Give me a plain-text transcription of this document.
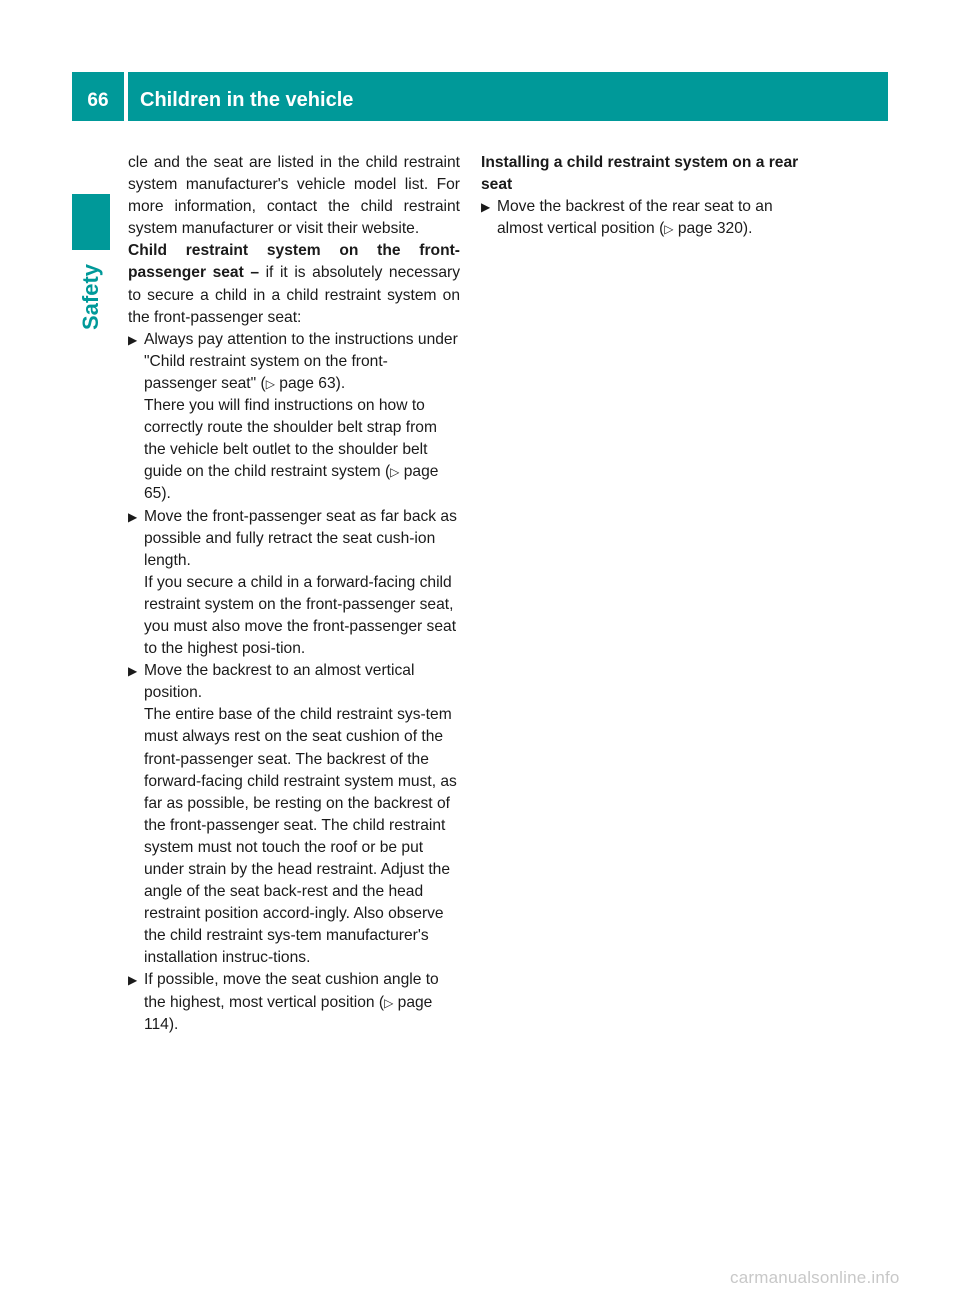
66	Children in the vehicle
Safety

cle and the seat are listed in the child restraint system manufacturer's vehicle model list. For more information, contact the child restraint system manufacturer or visit their website.

Child restraint system on the front-passenger seat – if it is absolutely necessary to secure a child in a child restraint system on the front-passenger seat:

▶ Always pay attention to the instructions under "Child restraint system on the front-passenger seat" (▷ page 63).

There you will find instructions on how to correctly route the shoulder belt strap from the vehicle belt outlet to the shoulder belt guide on the child restraint system (▷ page 65).

▶ Move the front-passenger seat as far back as possible and fully retract the seat cush-ion length.

If you secure a child in a forward-facing child restraint system on the front-passenger seat, you must also move the front-passenger seat to the highest posi-tion.

▶ Move the backrest to an almost vertical position.

The entire base of the child restraint sys-tem must always rest on the seat cushion of the front-passenger seat. The backrest of the forward-facing child restraint system must, as far as possible, be resting on the backrest of the front-passenger seat. The child restraint system must not touch the roof or be put under strain by the head restraint. Adjust the angle of the seat back-rest and the head restraint position accord-ingly. Also observe the child restraint sys-tem manufacturer's installation instruc-tions.

▶ If possible, move the seat cushion angle to the highest, most vertical position (▷ page 114).

Installing a child restraint system on a rear seat

▶ Move the backrest of the rear seat to an almost vertical position (▷ page 320).

carmanualsonline.info
